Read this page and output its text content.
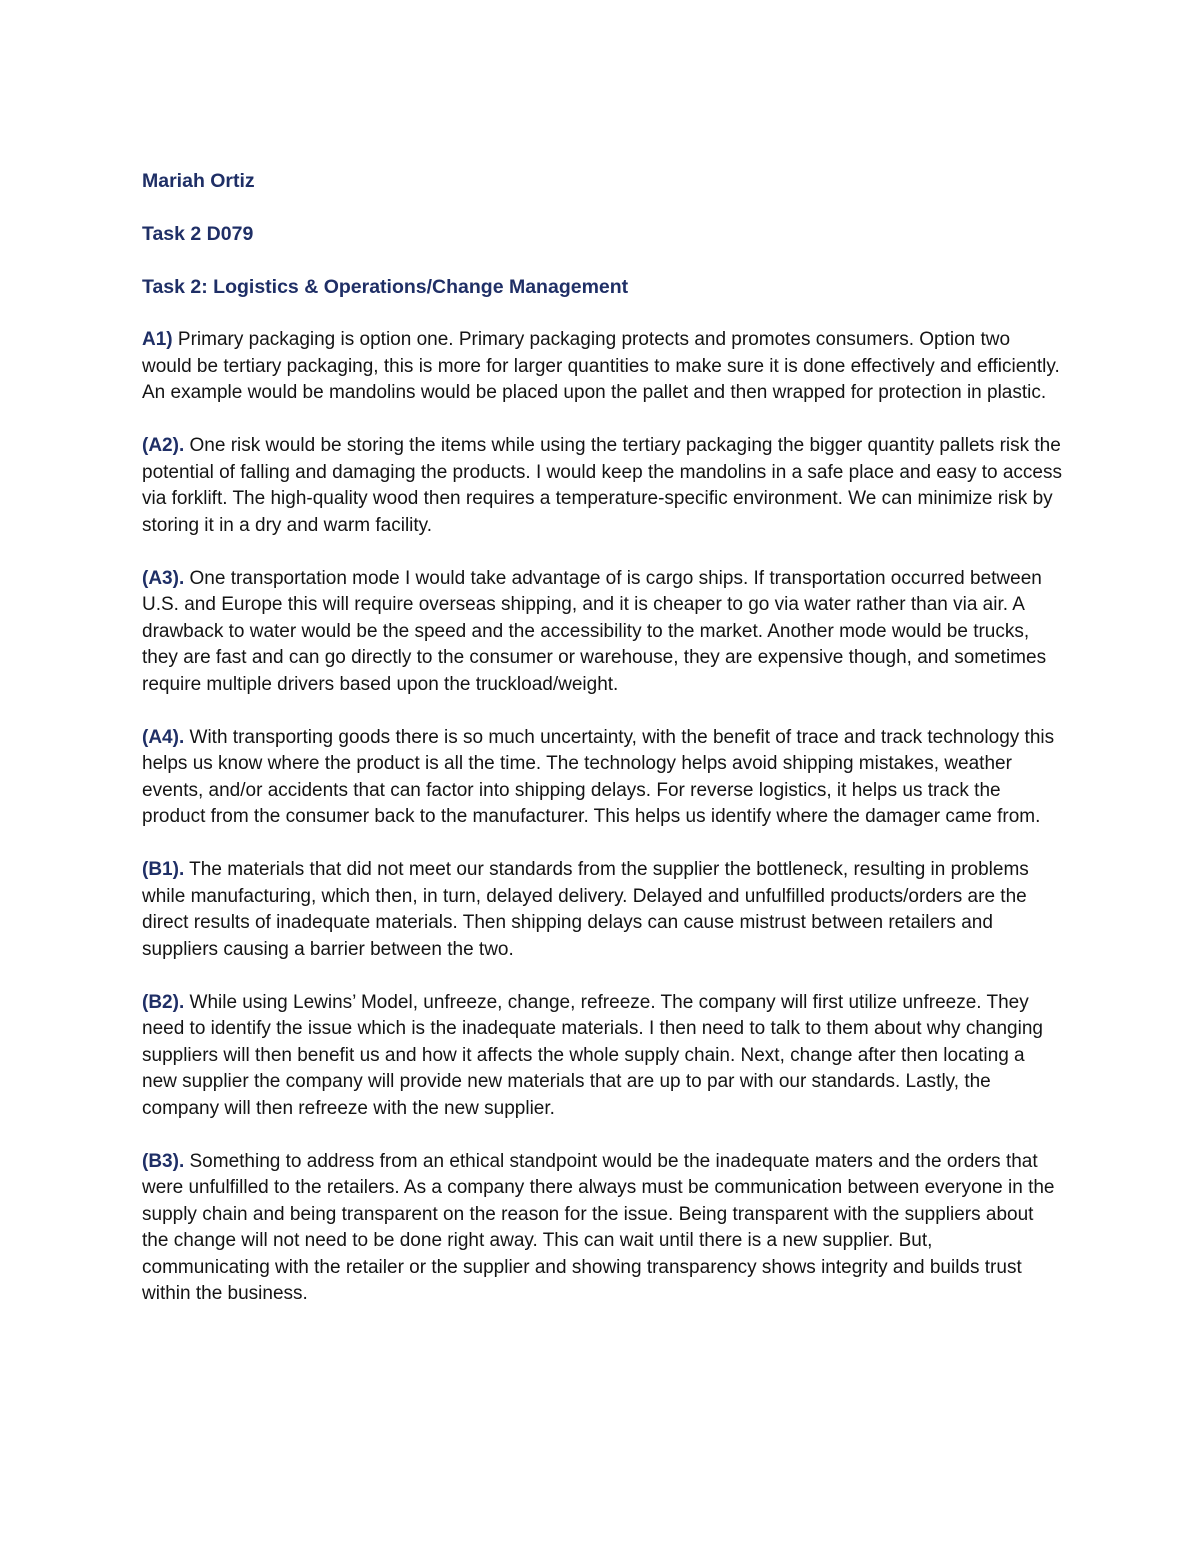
Mariah Ortiz
Task 2 D079
Task 2: Logistics & Operations/Change Management

A1) Primary packaging is option one. Primary packaging protects and promotes consumers. Option two would be tertiary packaging, this is more for larger quantities to make sure it is done effectively and efficiently. An example would be mandolins would be placed upon the pallet and then wrapped for protection in plastic.

(A2). One risk would be storing the items while using the tertiary packaging the bigger quantity pallets risk the potential of falling and damaging the products. I would keep the mandolins in a safe place and easy to access via forklift. The high-quality wood then requires a temperature-specific environment. We can minimize risk by storing it in a dry and warm facility.

(A3). One transportation mode I would take advantage of is cargo ships. If transportation occurred between U.S. and Europe this will require overseas shipping, and it is cheaper to go via water rather than via air. A drawback to water would be the speed and the accessibility to the market. Another mode would be trucks, they are fast and can go directly to the consumer or warehouse, they are expensive though, and sometimes require multiple drivers based upon the truckload/weight.

(A4). With transporting goods there is so much uncertainty, with the benefit of trace and track technology this helps us know where the product is all the time. The technology helps avoid shipping mistakes, weather events, and/or accidents that can factor into shipping delays. For reverse logistics, it helps us track the product from the consumer back to the manufacturer. This helps us identify where the damager came from.

(B1). The materials that did not meet our standards from the supplier the bottleneck, resulting in problems while manufacturing, which then, in turn, delayed delivery. Delayed and unfulfilled products/orders are the direct results of inadequate materials. Then shipping delays can cause mistrust between retailers and suppliers causing a barrier between the two.

(B2). While using Lewins’ Model, unfreeze, change, refreeze. The company will first utilize unfreeze. They need to identify the issue which is the inadequate materials. I then need to talk to them about why changing suppliers will then benefit us and how it affects the whole supply chain. Next, change after then locating a new supplier the company will provide new materials that are up to par with our standards. Lastly, the company will then refreeze with the new supplier.

(B3). Something to address from an ethical standpoint would be the inadequate maters and the orders that were unfulfilled to the retailers. As a company there always must be communication between everyone in the supply chain and being transparent on the reason for the issue. Being transparent with the suppliers about the change will not need to be done right away. This can wait until there is a new supplier. But, communicating with the retailer or the supplier and showing transparency shows integrity and builds trust within the business.
